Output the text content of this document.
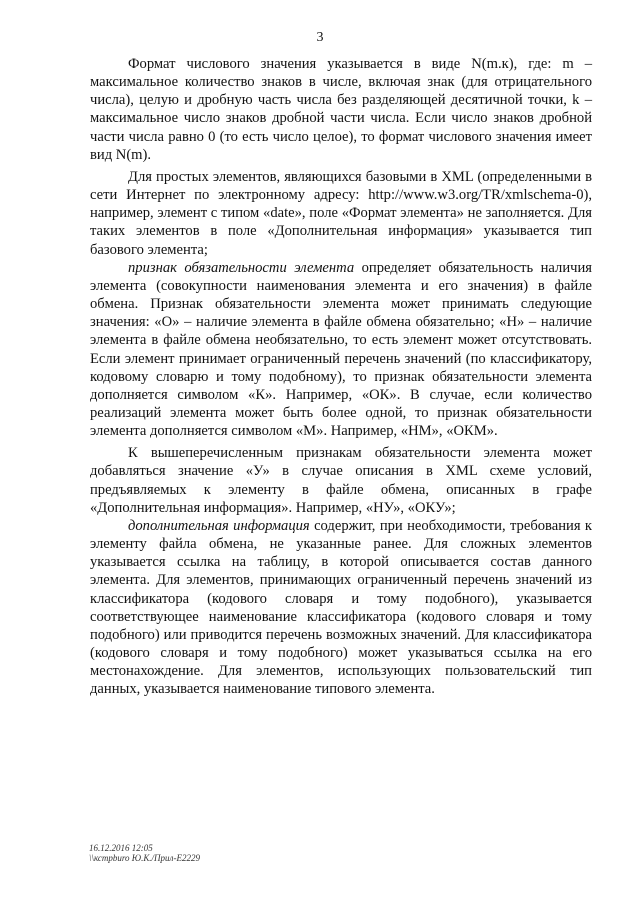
3

Формат числового значения указывается в виде N(m.к), где: m – максимальное количество знаков в числе, включая знак (для отрицательного числа), целую и дробную часть числа без разделяющей десятичной точки, k – максимальное число знаков дробной части числа. Если число знаков дробной части числа равно 0 (то есть число целое), то формат числового значения имеет вид N(m).

Для простых элементов, являющихся базовыми в XML (определенными в сети Интернет по электронному адресу: http://www.w3.org/TR/xmlschema-0), например, элемент с типом «date», поле «Формат элемента» не заполняется. Для таких элементов в поле «Дополнительная информация» указывается тип базового элемента;

признак обязательности элемента определяет обязательность наличия элемента (совокупности наименования элемента и его значения) в файле обмена. Признак обязательности элемента может принимать следующие значения: «О» – наличие элемента в файле обмена обязательно; «Н» – наличие элемента в файле обмена необязательно, то есть элемент может отсутствовать. Если элемент принимает ограниченный перечень значений (по классификатору, кодовому словарю и тому подобному), то признак обязательности элемента дополняется символом «К». Например, «ОК». В случае, если количество реализаций элемента может быть более одной, то признак обязательности элемента дополняется символом «М». Например, «НМ», «ОКМ».

К вышеперечисленным признакам обязательности элемента может добавляться значение «У» в случае описания в XML схеме условий, предъявляемых к элементу в файле обмена, описанных в графе «Дополнительная информация». Например, «НУ», «ОКУ»;

дополнительная информация содержит, при необходимости, требования к элементу файла обмена, не указанные ранее. Для сложных элементов указывается ссылка на таблицу, в которой описывается состав данного элемента. Для элементов, принимающих ограниченный перечень значений из классификатора (кодового словаря и тому подобного), указывается соответствующее наименование классификатора (кодового словаря и тому подобного) или приводится перечень возможных значений. Для классификатора (кодового словаря и тому подобного) может указываться ссылка на его местонахождение. Для элементов, использующих пользовательский тип данных, указывается наименование типового элемента.

16.12.2016 12:05
\\ксmpburo Ю.К./Прил-Е2229
